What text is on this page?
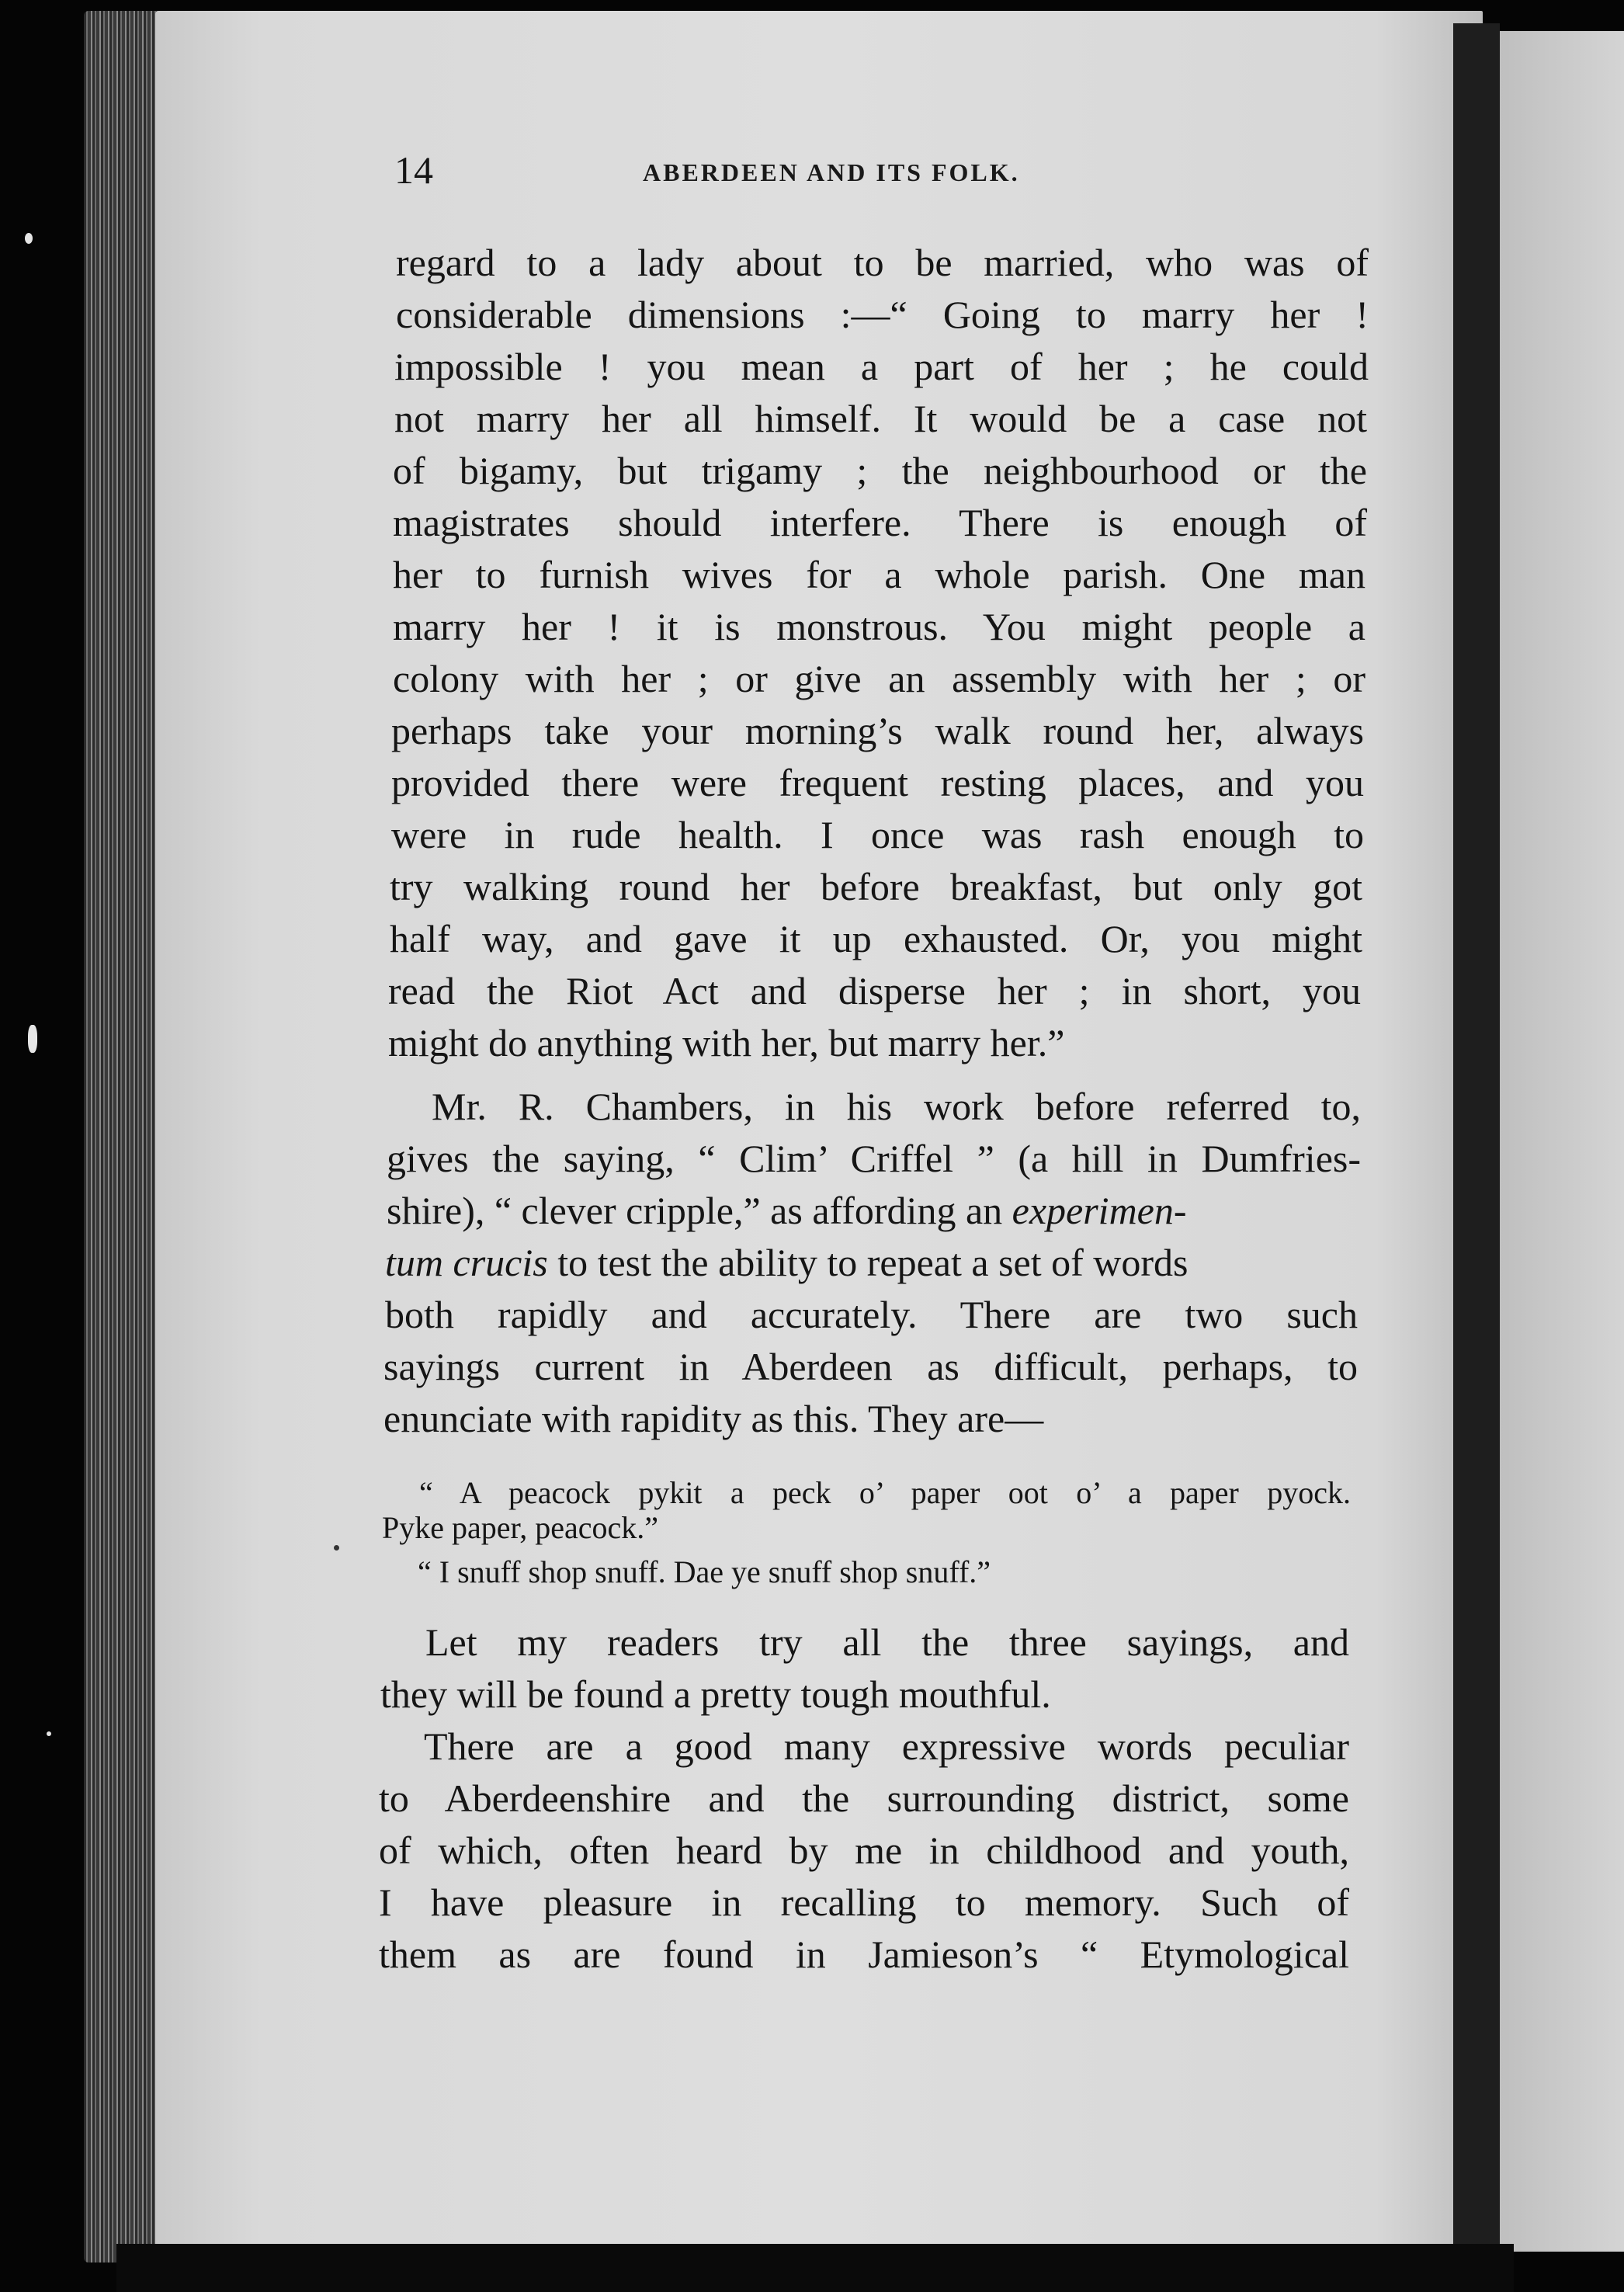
14	ABERDEEN AND ITS FOLK.
regard to a lady about to be married, who was of
considerable dimensions :—“ Going to marry her !
impossible ! you mean a part of her ; he could
not marry her all himself. It would be a case not
of bigamy, but trigamy ; the neighbourhood or the
magistrates should interfere. There is enough of
her to furnish wives for a whole parish. One man
marry her ! it is monstrous. You might people a
colony with her ; or give an assembly with her ; or
perhaps take your morning’s walk round her, always
provided there were frequent resting places, and you
were in rude health. I once was rash enough to
try walking round her before breakfast, but only got
half way, and gave it up exhausted. Or, you might
read the Riot Act and disperse her ; in short, you
might do anything with her, but marry her.”
Mr. R. Chambers, in his work before referred to,
gives the saying, “ Clim’ Criffel ” (a hill in Dumfries-
shire), “ clever cripple,” as affording an experimen-
tum crucis to test the ability to repeat a set of words
both rapidly and accurately. There are two such
sayings current in Aberdeen as difficult, perhaps, to
enunciate with rapidity as this. They are—
“ A peacock pykit a peck o’ paper oot o’ a paper pyock.
Pyke paper, peacock.”
“ I snuff shop snuff. Dae ye snuff shop snuff.”
Let my readers try all the three sayings, and
they will be found a pretty tough mouthful.
There are a good many expressive words peculiar
to Aberdeenshire and the surrounding district, some
of which, often heard by me in childhood and youth,
I have pleasure in recalling to memory. Such of
them as are found in Jamieson’s “ Etymological
